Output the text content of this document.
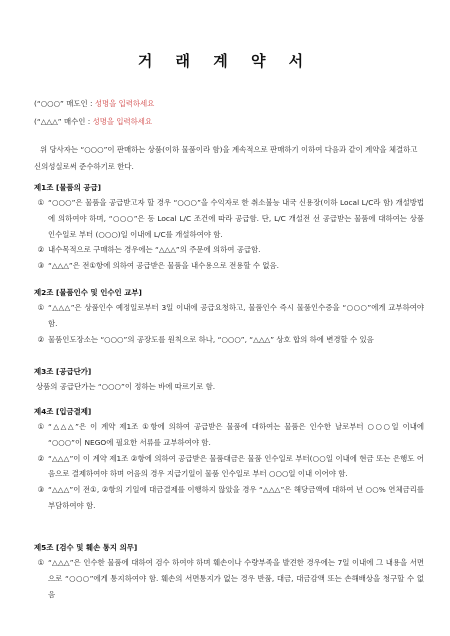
거 래 계 약 서
(“○○○” 매도인 : 성명을 입력하세요
(“△△△” 매수인 : 성명을 입력하세요
위 당사자는 “○○○”이 판매하는 상품(이하 물품이라 함)을 계속적으로 판매하기 이하여 다음과 같이 계약을 체결하고 신의성실로써 준수하기로 한다.
제1조 [물품의 공급]
① “○○○”은 물품을 공급받고자 할 경우 “○○○”을 수익자로 한 취소불능 내국 신용장(이하 Local L/C라 함) 개설방법에 의하여야 하며, “○○○”은 동 Local L/C 조건에 따라 공급함. 단, L/C 개설전 선 공급받는 물품에 대하여는 상품 인수일로 부터 (○○○)일 이내에 L/C를 개설하여야 함.
② 내수목적으로 구매하는 경우에는 “△△△”의 주문에 의하여 공급함.
③ “△△△”은 전①항에 의하여 공급받은 물품을 내수용으로 전용할 수 없음.
제2조 [물품인수 및 인수인 교부]
① “△△△”은 상품인수 예정일로부터 3일 이내에 공급요청하고, 물품인수 즉시 물품인수증을 “○○○”에게 교부하여야 함.
② 물품인도장소는 “○○○”의 공장도를 원칙으로 하나, “○○○”, “△△△” 상호 합의 하에 변경할 수 있음
제3조 [공급단가]
상품의 공급단가는 “○○○”이 정하는 바에 따르기로 함.
제4조 [입금결제]
① “△△△”은 이 계약 제1조 ①항에 의하여 공급받은 물품에 대하여는 물품은 인수한 날로부터 ○○○일 이내에 “○○○”이 NEGO에 필요한 서류를 교부하여야 함.
② “△△△”이 이 계약 제1조 ②항에 의하여 공급받은 물품대금은 물품 인수일로 부터(○○일 이내에 현금 또는 은행도 어음으로 결제하여야 하며 어음의 경우 지급기일이 물품 인수일로 부터 ○○○일 이내 이어야 함.
③ “△△△”이 전①, ②항의 기일에 대금결제를 이행하지 않았을 경우 “△△△”은 해당금액에 대하여 년 ○○% 연체금리를 부담하여야 함.
제5조 [검수 및 훼손 통지 의무]
① “△△△”은 인수한 물품에 대하여 검수 하여야 하며 훼손이나 수량부족을 발견한 경우에는 7일 이내에 그 내용을 서면으로 “○○○”에게 통지하여야 함. 훼손의 서면통지가 없는 경우 반품, 대금, 대금감액 또는 손해배상을 청구할 수 없음
